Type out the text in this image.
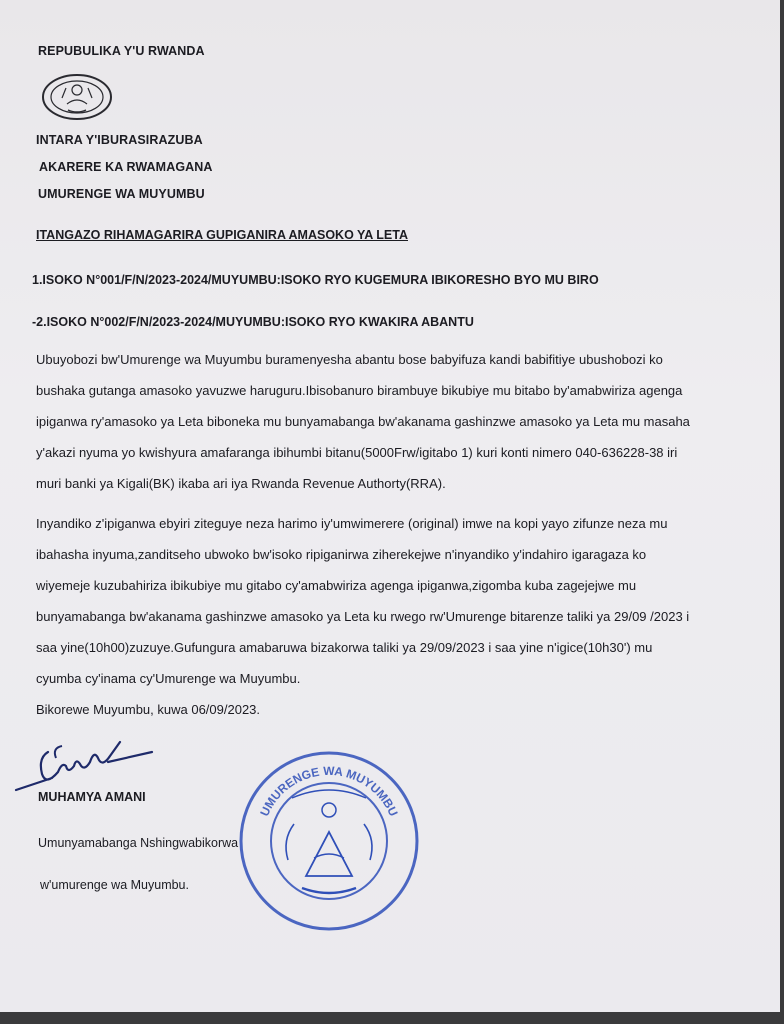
REPUBULIKA Y'U RWANDA
INTARA Y'IBURASIRAZUBA
AKARERE KA RWAMAGANA
UMURENGE WA MUYUMBU
ITANGAZO RIHAMAGARIRA GUPIGANIRA AMASOKO YA LETA
1.ISOKO N°001/F/N/2023-2024/MUYUMBU:ISOKO RYO KUGEMURA IBIKORESHO BYO MU BIRO
-2.ISOKO N°002/F/N/2023-2024/MUYUMBU:ISOKO RYO KWAKIRA ABANTU
Ubuyobozi bw'Umurenge wa Muyumbu buramenyesha abantu bose babyifuza kandi babifitiye ubushobozi ko
bushaka gutanga amasoko yavuzwe haruguru.Ibisobanuro birambuye bikubiye mu bitabo by'amabwiriza agenga
ipiganwa ry'amasoko ya Leta biboneka mu bunyamabanga bw'akanama gashinzwe amasoko ya Leta mu masaha
y'akazi nyuma yo kwishyura amafaranga ibihumbi bitanu(5000Frw/igitabo 1) kuri konti nimero 040-636228-38 iri
muri banki ya Kigali(BK) ikaba ari iya Rwanda Revenue Authorty(RRA).
Inyandiko z'ipiganwa ebyiri ziteguye neza harimo iy'umwimerere (original) imwe na kopi yayo zifunze neza mu
ibahasha inyuma,zanditseho ubwoko bw'isoko ripiganirwa ziherekejwe n'inyandiko y'indahiro igaragaza ko
wiyemeje kuzubahiriza ibikubiye mu gitabo cy'amabwiriza agenga ipiganwa,zigomba kuba zagejejwe mu
bunyamabanga bw'akanama gashinzwe amasoko ya Leta ku rwego rw'Umurenge bitarenze taliki ya 29/09 /2023 i
saa yine(10h00)zuzuye.Gufungura amabaruwa bizakorwa taliki ya 29/09/2023 i saa yine n'igice(10h30') mu
cyumba cy'inama cy'Umurenge wa Muyumbu.
Bikorewe Muyumbu, kuwa 06/09/2023.
MUHAMYA AMANI
Umunyamabanga Nshingwabikorwa
w'umurenge wa Muyumbu.
UMURENGE WA MUYUMBU
